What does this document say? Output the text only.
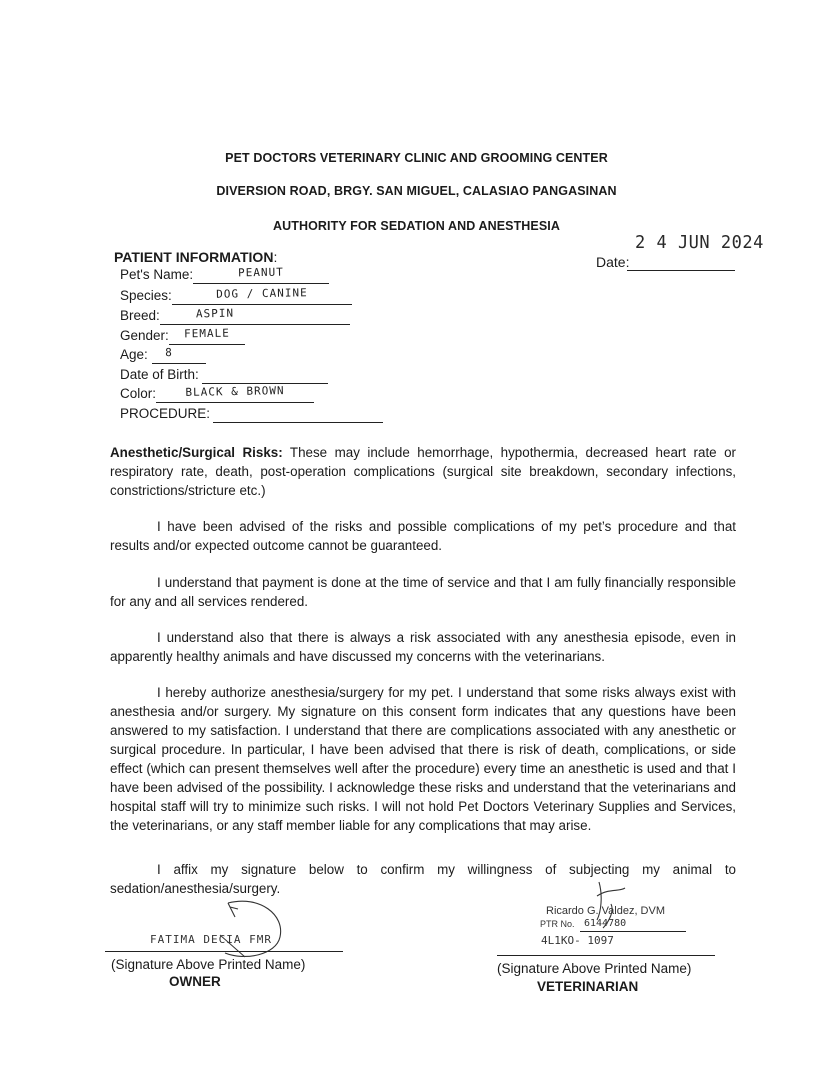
PET DOCTORS VETERINARY CLINIC AND GROOMING CENTER
DIVERSION ROAD, BRGY. SAN MIGUEL, CALASIAO PANGASINAN
AUTHORITY FOR SEDATION AND ANESTHESIA
PATIENT INFORMATION:
2 4 JUN 2024
Date:
Pet's Name:	PEANUT
Species:	DOG / CANINE
Breed:	ASPIN
Gender:	FEMALE
Age:	8
Date of Birth:
Color:	BLACK & BROWN
PROCEDURE:
Anesthetic/Surgical Risks: These may include hemorrhage, hypothermia, decreased heart rate or respiratory rate, death, post-operation complications (surgical site breakdown, secondary infections, constrictions/stricture etc.)
I have been advised of the risks and possible complications of my pet’s procedure and that results and/or expected outcome cannot be guaranteed.
I understand that payment is done at the time of service and that I am fully financially responsible for any and all services rendered.
I understand also that there is always a risk associated with any anesthesia episode, even in apparently healthy animals and have discussed my concerns with the veterinarians.
I hereby authorize anesthesia/surgery for my pet. I understand that some risks always exist with anesthesia and/or surgery. My signature on this consent form indicates that any questions have been answered to my satisfaction. I understand that there are complications associated with any anesthetic or surgical procedure. In particular, I have been advised that there is risk of death, complications, or side effect (which can present themselves well after the procedure) every time an anesthetic is used and that I have been advised of the possibility. I acknowledge these risks and understand that the veterinarians and hospital staff will try to minimize such risks. I will not hold Pet Doctors Veterinary Supplies and Services, the veterinarians, or any staff member liable for any complications that may arise.
I affix my signature below to confirm my willingness of subjecting my animal to sedation/anesthesia/surgery.
FATIMA DECIA FMR
(Signature Above Printed Name)
OWNER
Ricardo G. Valdez, DVM
PTR No. 6144780
4L1KO- 1097
(Signature Above Printed Name)
VETERINARIAN
